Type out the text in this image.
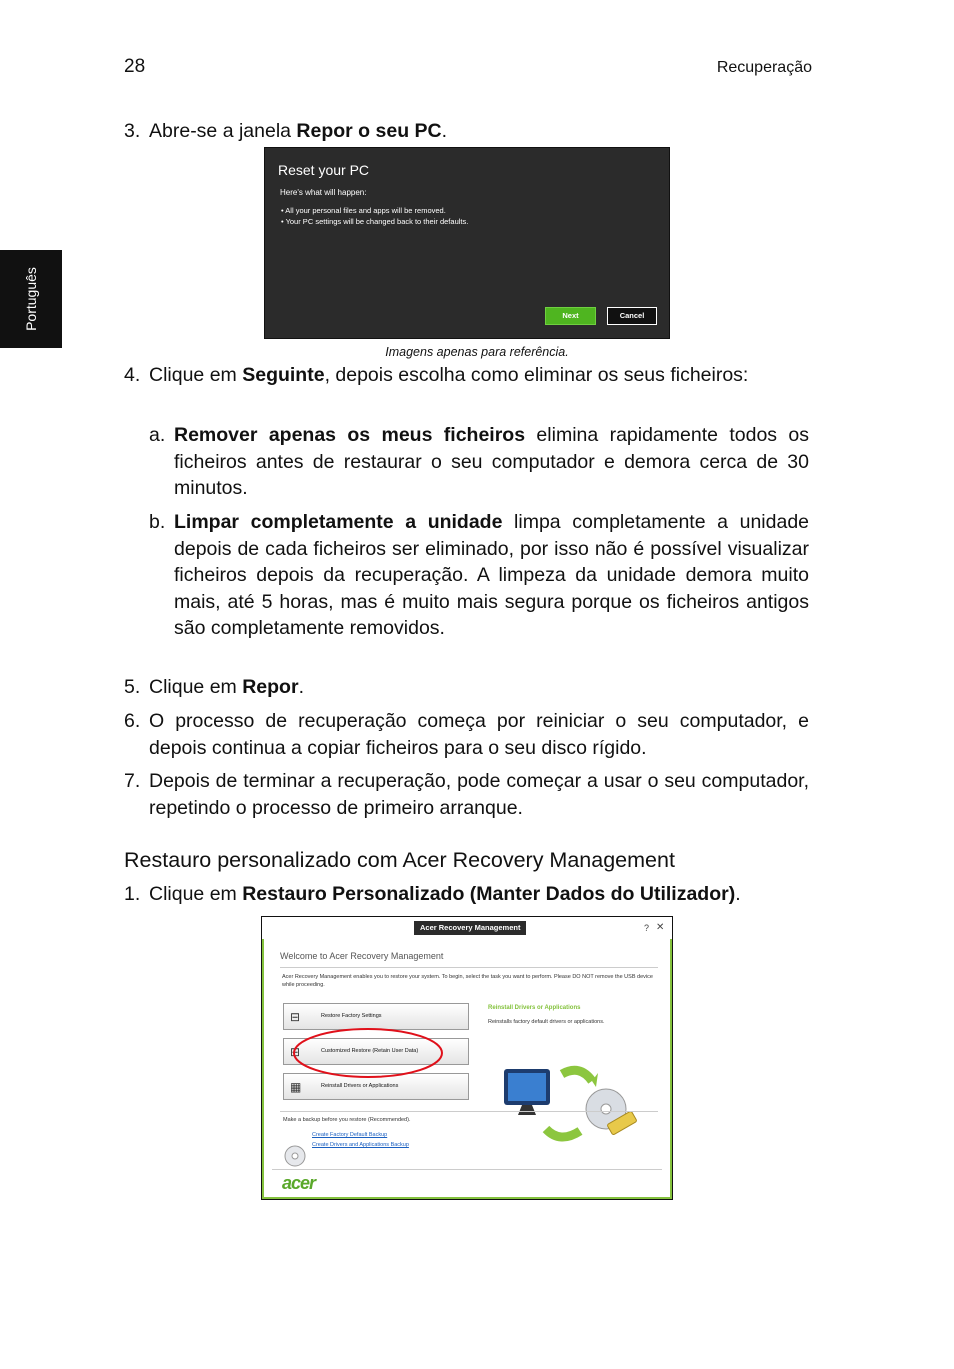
28	Recuperação
Português
3. Abre-se a janela Repor o seu PC.
Reset your PC
Here's what will happen:
• All your personal files and apps will be removed.
• Your PC settings will be changed back to their defaults.
Next	Cancel
Imagens apenas para referência.
4. Clique em Seguinte, depois escolha como eliminar os seus ficheiros:
a. Remover apenas os meus ficheiros elimina rapidamente todos os ficheiros antes de restaurar o seu computador e demora cerca de 30 minutos.
b. Limpar completamente a unidade limpa completamente a unidade depois de cada ficheiros ser eliminado, por isso não é possível visualizar ficheiros depois da recuperação. A limpeza da unidade demora muito mais, até 5 horas, mas é muito mais segura porque os ficheiros antigos são completamente removidos.
5. Clique em Repor.
6. O processo de recuperação começa por reiniciar o seu computador, e depois continua a copiar ficheiros para o seu disco rígido.
7. Depois de terminar a recuperação, pode começar a usar o seu computador, repetindo o processo de primeiro arranque.
Restauro personalizado com Acer Recovery Management
1. Clique em Restauro Personalizado (Manter Dados do Utilizador).
Acer Recovery Management	? ✕
Welcome to Acer Recovery Management
Acer Recovery Management enables you to restore your system. To begin, select the task you want to perform. Please DO NOT remove the USB device while proceeding.
⊟	Restore Factory Settings
⊟	Customized Restore (Retain User Data)
▦	Reinstall Drivers or Applications
Reinstall Drivers or Applications
Reinstalls factory default drivers or applications.
Make a backup before you restore (Recommended).
Create Factory Default Backup
Create Drivers and Applications Backup
acer
